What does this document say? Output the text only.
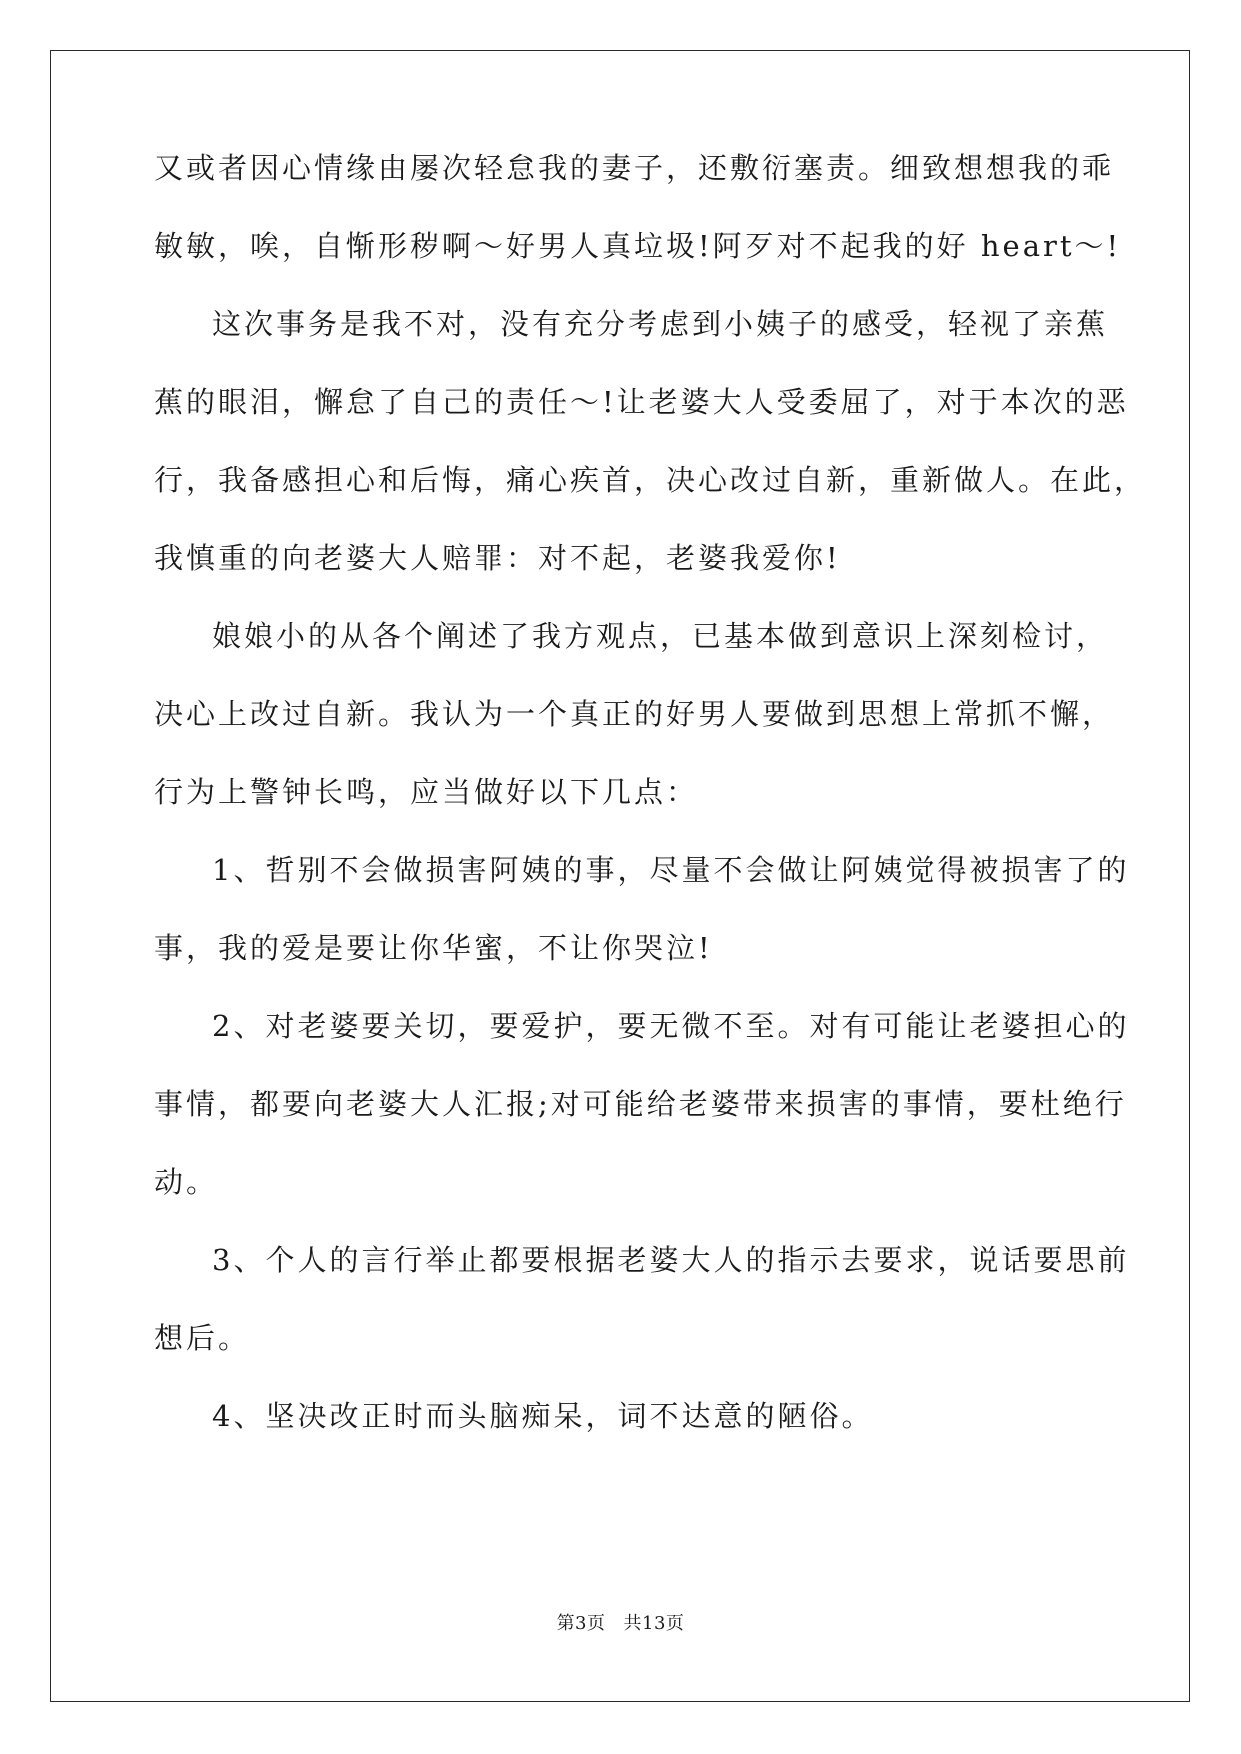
又或者因心情缘由屡次轻怠我的妻子，还敷衍塞责。细致想想我的乖
敏敏，唉，自惭形秽啊～好男人真垃圾!阿歹对不起我的好 heart～!
这次事务是我不对，没有充分考虑到小姨子的感受，轻视了亲蕉
蕉的眼泪，懈怠了自己的责任～!让老婆大人受委屈了，对于本次的恶
行，我备感担心和后悔，痛心疾首，决心改过自新，重新做人。在此，
我慎重的向老婆大人赔罪：对不起，老婆我爱你!
娘娘小的从各个阐述了我方观点，已基本做到意识上深刻检讨，
决心上改过自新。我认为一个真正的好男人要做到思想上常抓不懈，
行为上警钟长鸣，应当做好以下几点：
1、哲别不会做损害阿姨的事，尽量不会做让阿姨觉得被损害了的
事，我的爱是要让你华蜜，不让你哭泣!
2、对老婆要关切，要爱护，要无微不至。对有可能让老婆担心的
事情，都要向老婆大人汇报;对可能给老婆带来损害的事情，要杜绝行
动。
3、个人的言行举止都要根据老婆大人的指示去要求，说话要思前
想后。
4、坚决改正时而头脑痴呆，词不达意的陋俗。
第3页 共13页
